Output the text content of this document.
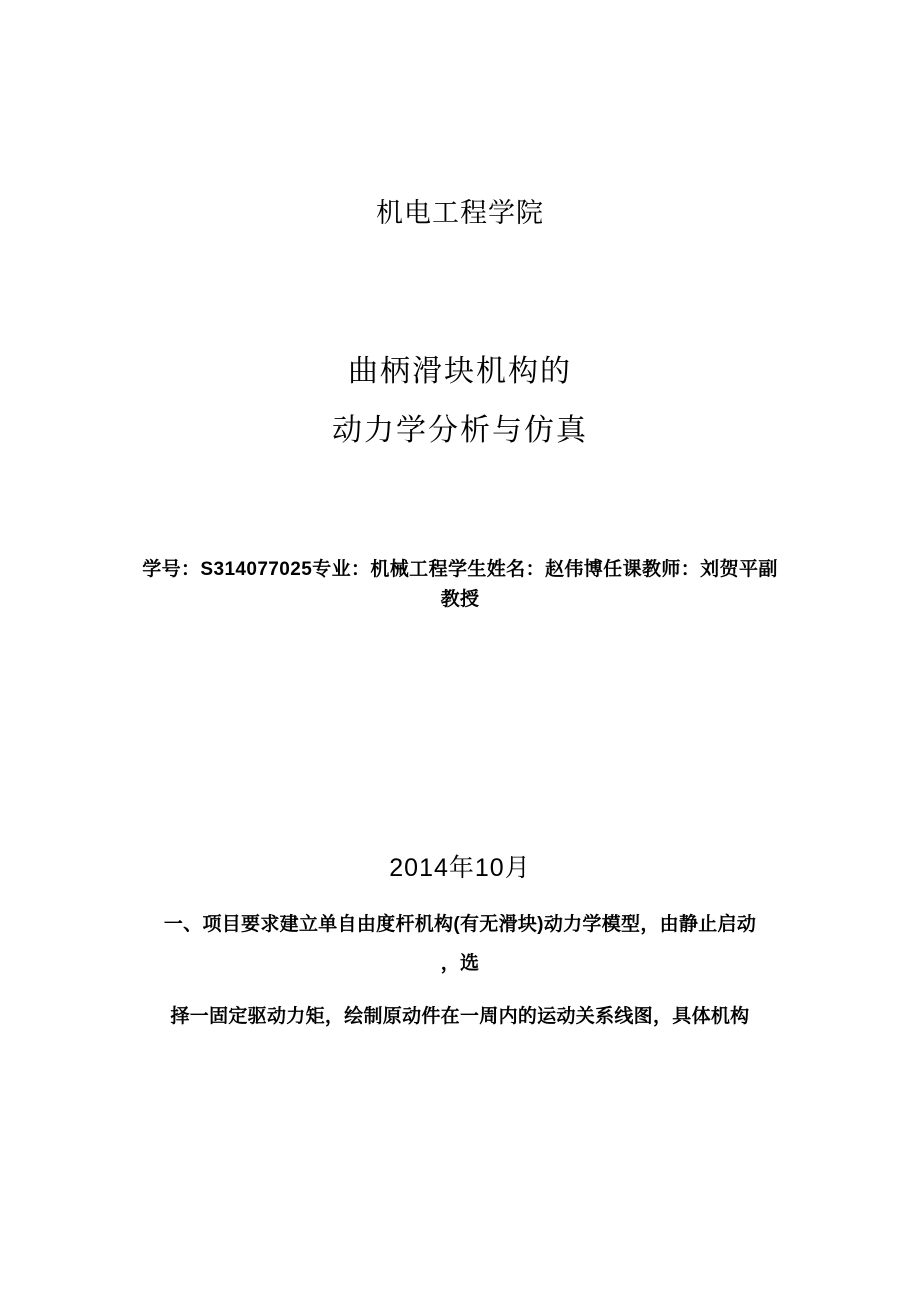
机电工程学院
曲柄滑块机构的
动力学分析与仿真
学号：S314077025专业：机械工程学生姓名：赵伟博任课教师：刘贺平副
教授
2014年10月
一、项目要求建立单自由度杆机构(有无滑块)动力学模型，由静止启动
，选
择一固定驱动力矩，绘制原动件在一周内的运动关系线图，具体机构
